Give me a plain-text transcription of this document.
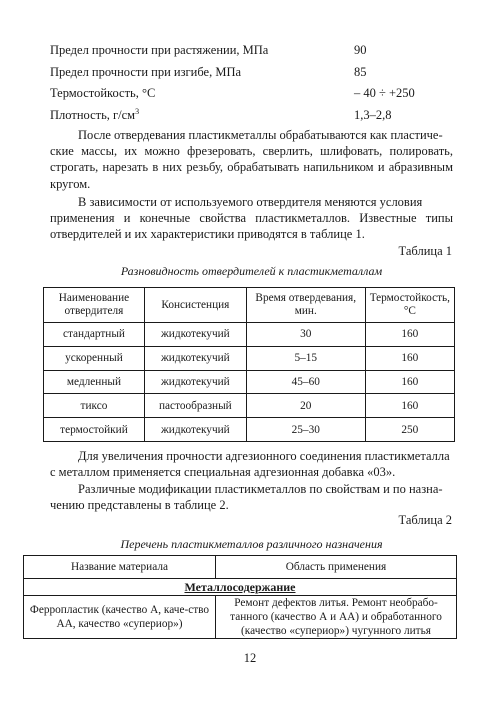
Предел прочности при растяжении, МПа	90
Предел прочности при изгибе, МПа	85
Термостойкость, °С	– 40 ÷ +250
Плотность, $г/см^3$	1,3–2,8

После отвердевания пластикметаллы обрабатываются как пластиче-
ские массы, их можно фрезеровать, сверлить, шлифовать, полировать, строгать, нарезать в них резьбу, обрабатывать напильником и абразивным кругом.

В зависимости от используемого отвердителя меняются условия
применения и конечные свойства пластикметаллов. Известные типы отвердителей и их характеристики приводятся в таблице 1.

Таблица 1
Разновидность отвердителей к пластикметаллам
Наименование отвердителя	Консистенция	Время отвердевания, мин.	Термостойкость, °С
стандартный	жидкотекучий	30	160
ускоренный	жидкотекучий	5–15	160
медленный	жидкотекучий	45–60	160
тиксо	пастообразный	20	160
термостойкий	жидкотекучий	25–30	250

Для увеличения прочности адгезионного соединения пластикметалла
с металлом применяется специальная адгезионная добавка «03».

Различные модификации пластикметаллов по свойствам и по назна-
чению представлены в таблице 2.

Таблица 2
Перечень пластикметаллов различного назначения
Название материала	Область применения
Металлосодержание	
Ферропластик (качество А, каче-ство АА, качество «супериор»)	Ремонт дефектов литья. Ремонт необрабо-танного (качество А и АА) и обработанного (качество «супериор») чугунного литья
12
